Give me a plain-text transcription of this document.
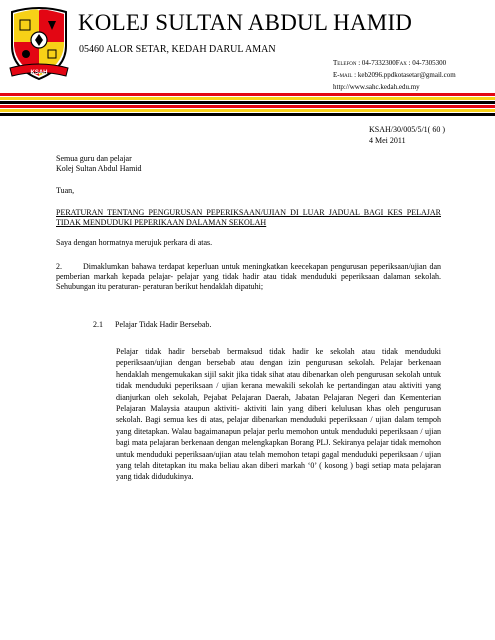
KSAH
KOLEJ SULTAN ABDUL HAMID
05460 ALOR SETAR, KEDAH DARUL AMAN
Telefon : 04-7332300Fax : 04-7305300
E-mail : keb2096.ppdkotasetar@gmail.com
http://www.sahc.kedah.edu.my
KSAH/30/005/5/1( 60 )
4 Mei 2011
Semua guru dan pelajar
Kolej Sultan Abdul Hamid
Tuan,
PERATURAN TENTANG PENGURUSAN PEPERIKSAAN/UJIAN DI LUAR JADUAL BAGI KES PELAJAR TIDAK MENDUDUKI PEPERIKAAN DALAMAN SEKOLAH
Saya dengan hormatnya merujuk perkara di atas.
2.	Dimaklumkan bahawa terdapat keperluan untuk meningkatkan keecekapan pengurusan peperiksaan/ujian dan pemberian markah kepada pelajar- pelajar yang tidak hadir atau tidak menduduki peperiksaan dalaman sekolah. Sehubungan itu peraturan- peraturan berikut hendaklah dipatuhi;
2.1 Pelajar Tidak Hadir Bersebab.
Pelajar tidak hadir bersebab bermaksud tidak hadir ke sekolah atau tidak menduduki peperiksaan/ujian dengan bersebab atau dengan izin pengurusan sekolah. Pelajar berkenaan hendaklah mengemukakan sijil sakit jika tidak sihat atau dibenarkan oleh pengurusan sekolah untuk tidak menduduki peperiksaan / ujian kerana mewakili sekolah ke pertandingan atau aktiviti yang dianjurkan oleh sekolah, Pejabat Pelajaran Daerah, Jabatan Pelajaran Negeri dan Kementerian Pelajaran Malaysia ataupun aktiviti- aktiviti lain yang diberi kelulusan khas oleh pengurusan sekolah. Bagi semua kes di atas, pelajar dibenarkan menduduki peperiksaan / ujian dalam tempoh yang ditetapkan. Walau bagaimanapun pelajar perlu memohon untuk menduduki peperiksaan / ujian bagi mata pelajaran berkenaan dengan melengkapkan Borang PLJ. Sekiranya pelajar tidak memohon untuk menduduki peperiksaan/ujian atau telah memohon tetapi gagal menduduki peperiksaan / ujian yang telah ditetapkan itu maka beliau akan diberi markah ‘0’ ( kosong ) bagi setiap mata pelajaran yang tidak didudukinya.
